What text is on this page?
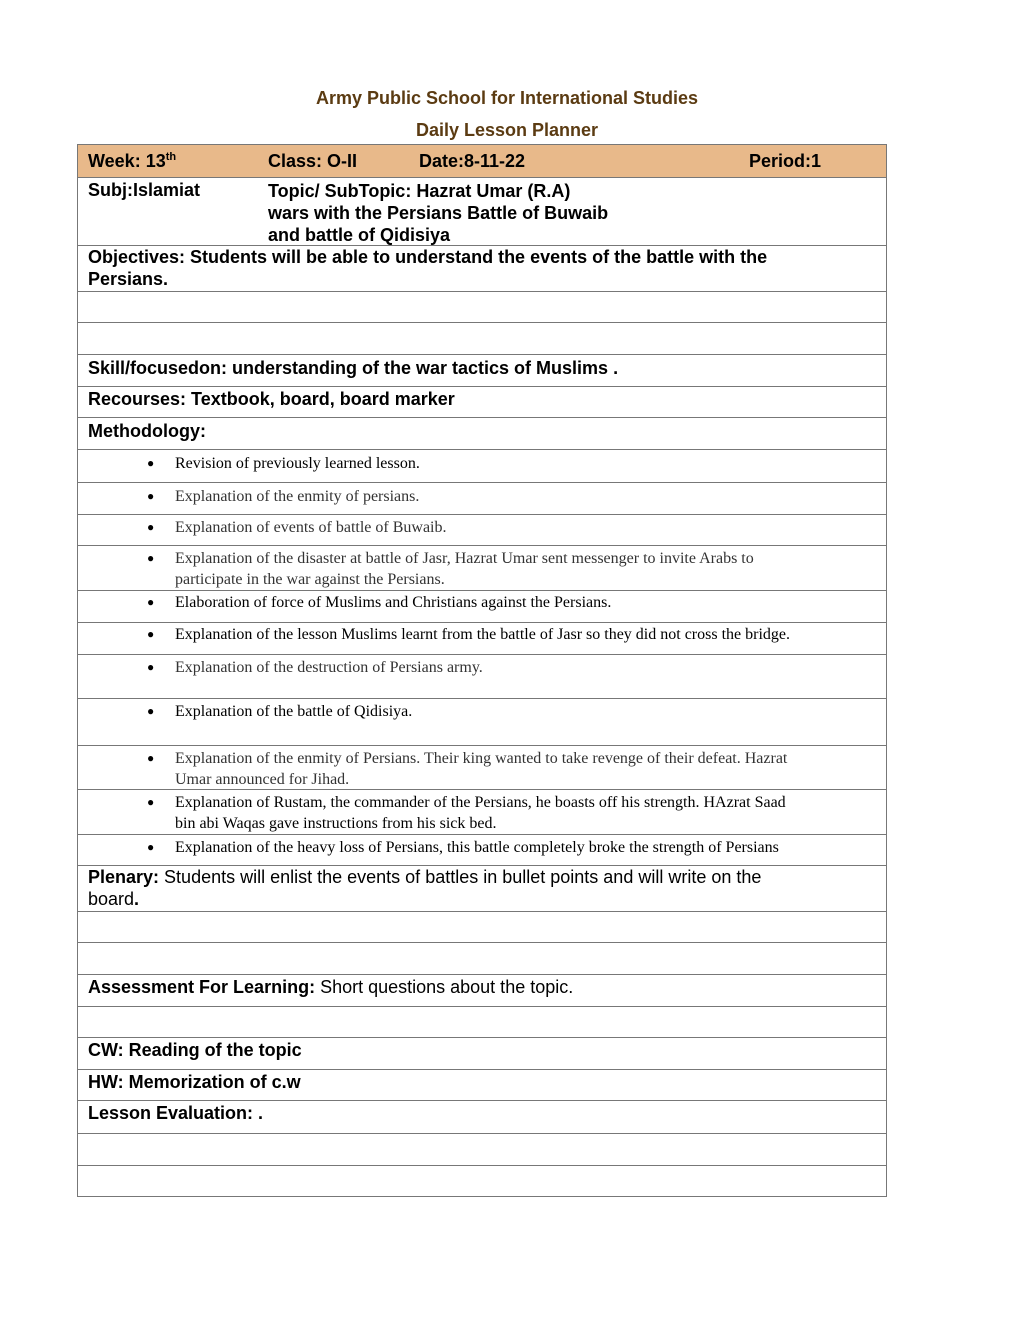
Army Public School for International Studies
Daily Lesson Planner
Week: 13th	Class: O-II	Date:8-11-22	Period:1
Subj:Islamiat	Topic/ SubTopic: Hazrat Umar (R.A)
wars with the Persians Battle of Buwaib
and battle of Qidisiya
Objectives: Students will be able to understand the events of the battle with the
Persians.
Skill/focusedon: understanding of the war tactics of Muslims .
Recourses: Textbook, board, board marker
Methodology:
● Revision of previously learned lesson.
● Explanation of the enmity of persians.
● Explanation of events of battle of Buwaib.
● Explanation of the disaster at battle of Jasr, Hazrat Umar sent messenger to invite Arabs to
participate in the war against the Persians.
● Elaboration of force of Muslims and Christians against the Persians.
● Explanation of the lesson Muslims learnt from the battle of Jasr so they did not cross the bridge.
● Explanation of the destruction of Persians army.
● Explanation of the battle of Qidisiya.
● Explanation of the enmity of Persians. Their king wanted to take revenge of their defeat. Hazrat
Umar announced for Jihad.
● Explanation of Rustam, the commander of the Persians, he boasts off his strength. HAzrat Saad
bin abi Waqas gave instructions from his sick bed.
● Explanation of the heavy loss of Persians, this battle completely broke the strength of Persians
Plenary: Students will enlist the events of battles in bullet points and will write on the
board.
Assessment For Learning: Short questions about the topic.
CW: Reading of the topic
HW: Memorization of c.w
Lesson Evaluation: .
